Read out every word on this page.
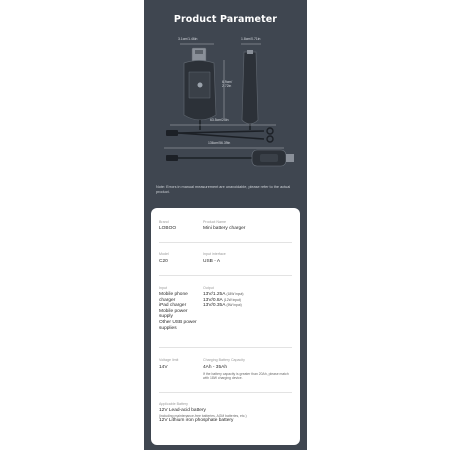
Product Parameter
3.1cm/1.46in	1.8cm/0.71in
6.9cm/
2.72in
63.5cm/25in
136cm/56.39in
Note: Errors in manual measurement are unavoidable, please refer to the actual product.
Brand
LOBOO
Product Name
Mini battery charger
Model
C20
Input interface
USB - A
Input
Mobile phone
charger
iPad charger
Mobile power
supply
Other USB power
supplies
Output
13V/1.25A (18W input)
13V/0.8A (12W input)
13V/0.35A (5W input)
Voltage limit
14V
Charging Battery Capacity
4Ah - 35Ah
If the battery capacity is greater than 20Ah, please match with 18W charging device.
Applicable Battery
12V Lead-acid battery
(including maintenance-free batteries, AGM batteries, etc.)
12V Lithium iron phosphate battery
